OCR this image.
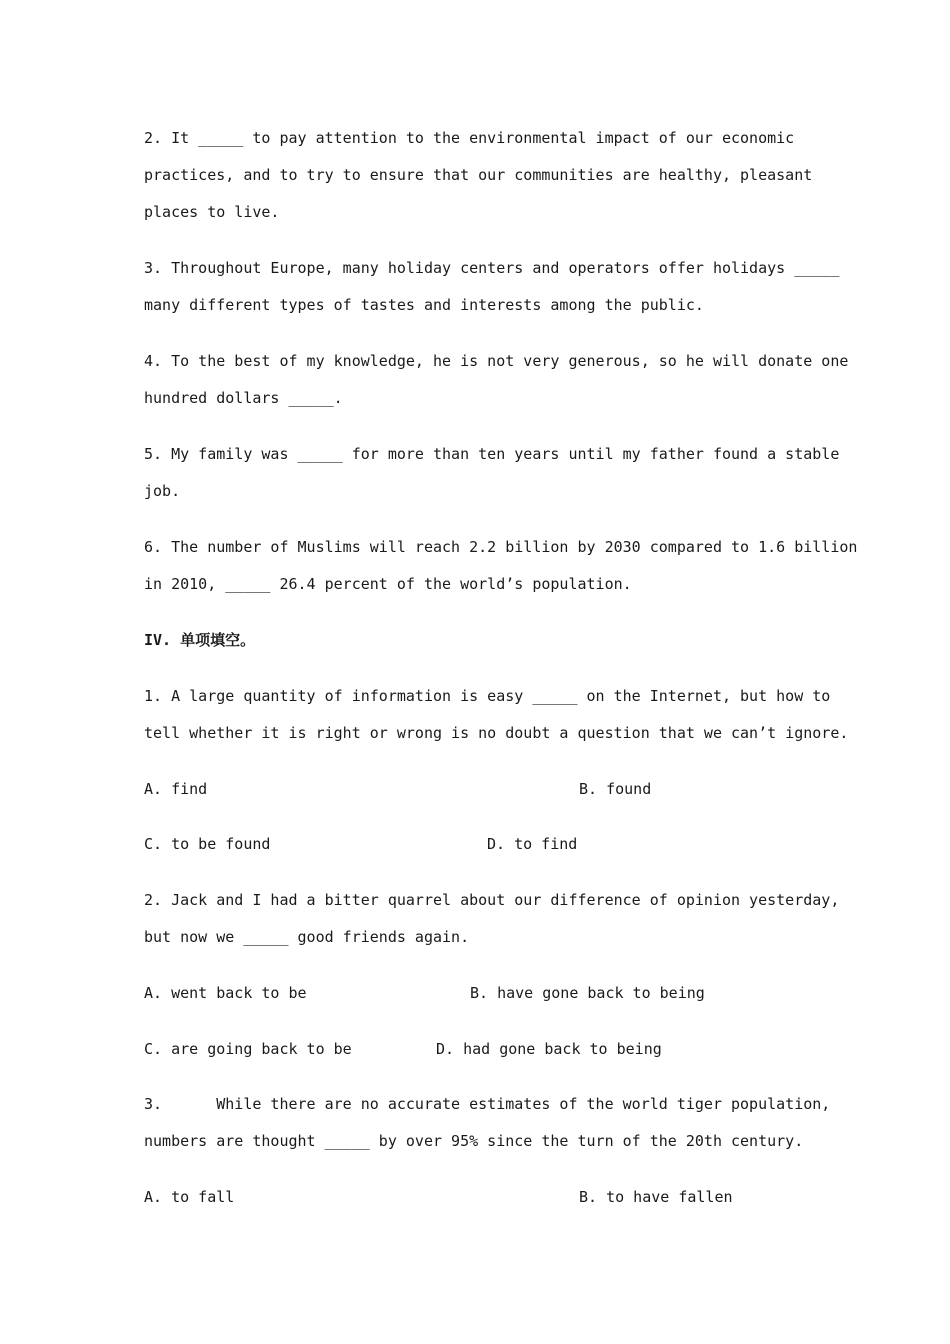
2. It _____ to pay attention to the environmental impact of our economic
practices, and to try to ensure that our communities are healthy, pleasant
places to live.
3. Throughout Europe, many holiday centers and operators offer holidays _____
many different types of tastes and interests among the public.
4. To the best of my knowledge, he is not very generous, so he will donate one
hundred dollars _____.
5. My family was _____ for more than ten years until my father found a stable
job.
6. The number of Muslims will reach 2.2 billion by 2030 compared to 1.6 billion
in 2010, _____ 26.4 percent of the world’s population.
IV. 单项填空。
1. A large quantity of information is easy _____ on the Internet, but how to
tell whether it is right or wrong is no doubt a question that we can’t ignore.
A. find	B. found
C. to be found	D. to find
2. Jack and I had a bitter quarrel about our difference of opinion yesterday,
but now we _____ good friends again.
A. went back to be	B. have gone back to being
C. are going back to be	D. had gone back to being
3.      While there are no accurate estimates of the world tiger population,
numbers are thought _____ by over 95% since the turn of the 20th century.
A. to fall	B. to have fallen
